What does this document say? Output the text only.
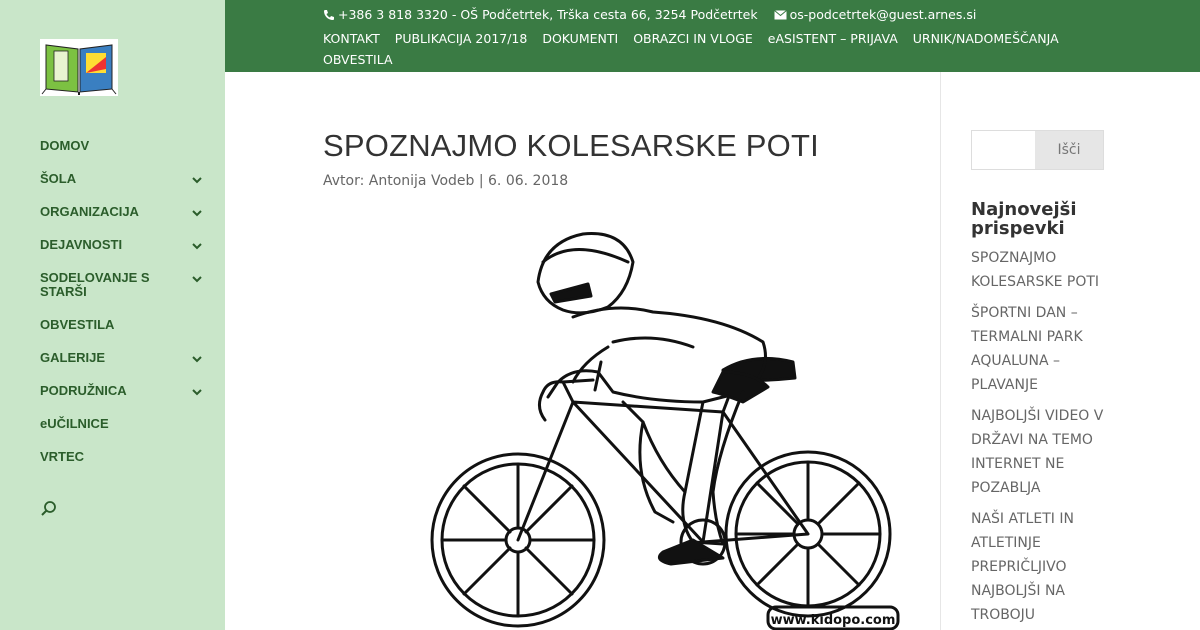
DOMOV
ŠOLA
ORGANIZACIJA
DEJAVNOSTI
SODELOVANJE S STARŠI
OBVESTILA
GALERIJE
PODRUŽNICA
eUČILNICE
VRTEC
+386 3 818 3320 - OŠ Podčetrtek, Trška cesta 66, 3254 Podčetrtek	os-podcetrtek@guest.arnes.si
KONTAKT PUBLIKACIJA 2017/18 DOKUMENTI OBRAZCI IN VLOGE eASISTENT – PRIJAVA URNIK/NADOMEŠČANJA
OBVESTILA
SPOZNAJMO KOLESARSKE POTI
Avtor: Antonija Vodeb | 6. 06. 2018
www.kidopo.com
Išči
Najnovejši prispevki
SPOZNAJMO KOLESARSKE POTI
ŠPORTNI DAN – TERMALNI PARK AQUALUNA – PLAVANJE
NAJBOLJŠI VIDEO V DRŽAVI NA TEMO INTERNET NE POZABLJA
NAŠI ATLETI IN ATLETINJE PREPRIČLJIVO NAJBOLJŠI NA TROBOJU
